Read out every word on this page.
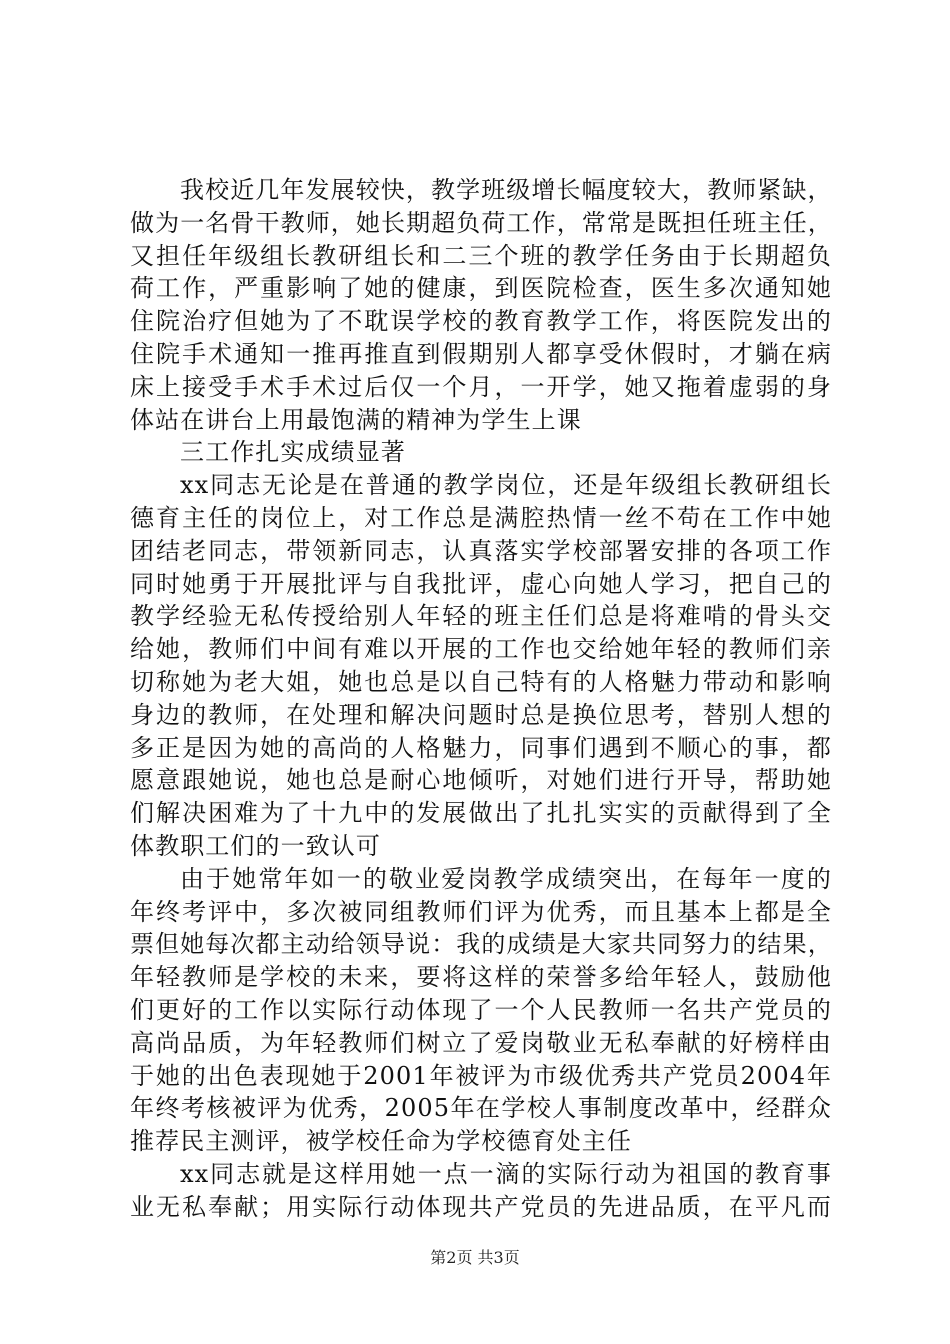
我校近几年发展较快，教学班级增长幅度较大，教师紧缺，
做为一名骨干教师，她长期超负荷工作，常常是既担任班主任，
又担任年级组长教研组长和二三个班的教学任务由于长期超负
荷工作，严重影响了她的健康，到医院检查，医生多次通知她
住院治疗但她为了不耽误学校的教育教学工作，将医院发出的
住院手术通知一推再推直到假期别人都享受休假时，才躺在病
床上接受手术手术过后仅一个月，一开学，她又拖着虚弱的身
体站在讲台上用最饱满的精神为学生上课
三工作扎实成绩显著
xx同志无论是在普通的教学岗位，还是年级组长教研组长
德育主任的岗位上，对工作总是满腔热情一丝不苟在工作中她
团结老同志，带领新同志，认真落实学校部署安排的各项工作
同时她勇于开展批评与自我批评，虚心向她人学习，把自己的
教学经验无私传授给别人年轻的班主任们总是将难啃的骨头交
给她，教师们中间有难以开展的工作也交给她年轻的教师们亲
切称她为老大姐，她也总是以自己特有的人格魅力带动和影响
身边的教师，在处理和解决问题时总是换位思考，替别人想的
多正是因为她的高尚的人格魅力，同事们遇到不顺心的事，都
愿意跟她说，她也总是耐心地倾听，对她们进行开导，帮助她
们解决困难为了十九中的发展做出了扎扎实实的贡献得到了全
体教职工们的一致认可
由于她常年如一的敬业爱岗教学成绩突出，在每年一度的
年终考评中，多次被同组教师们评为优秀，而且基本上都是全
票但她每次都主动给领导说：我的成绩是大家共同努力的结果，
年轻教师是学校的未来，要将这样的荣誉多给年轻人，鼓励他
们更好的工作以实际行动体现了一个人民教师一名共产党员的
高尚品质，为年轻教师们树立了爱岗敬业无私奉献的好榜样由
于她的出色表现她于2001年被评为市级优秀共产党员2004年
年终考核被评为优秀，2005年在学校人事制度改革中，经群众
推荐民主测评，被学校任命为学校德育处主任
xx同志就是这样用她一点一滴的实际行动为祖国的教育事
业无私奉献；用实际行动体现共产党员的先进品质，在平凡而
第2页 共3页
